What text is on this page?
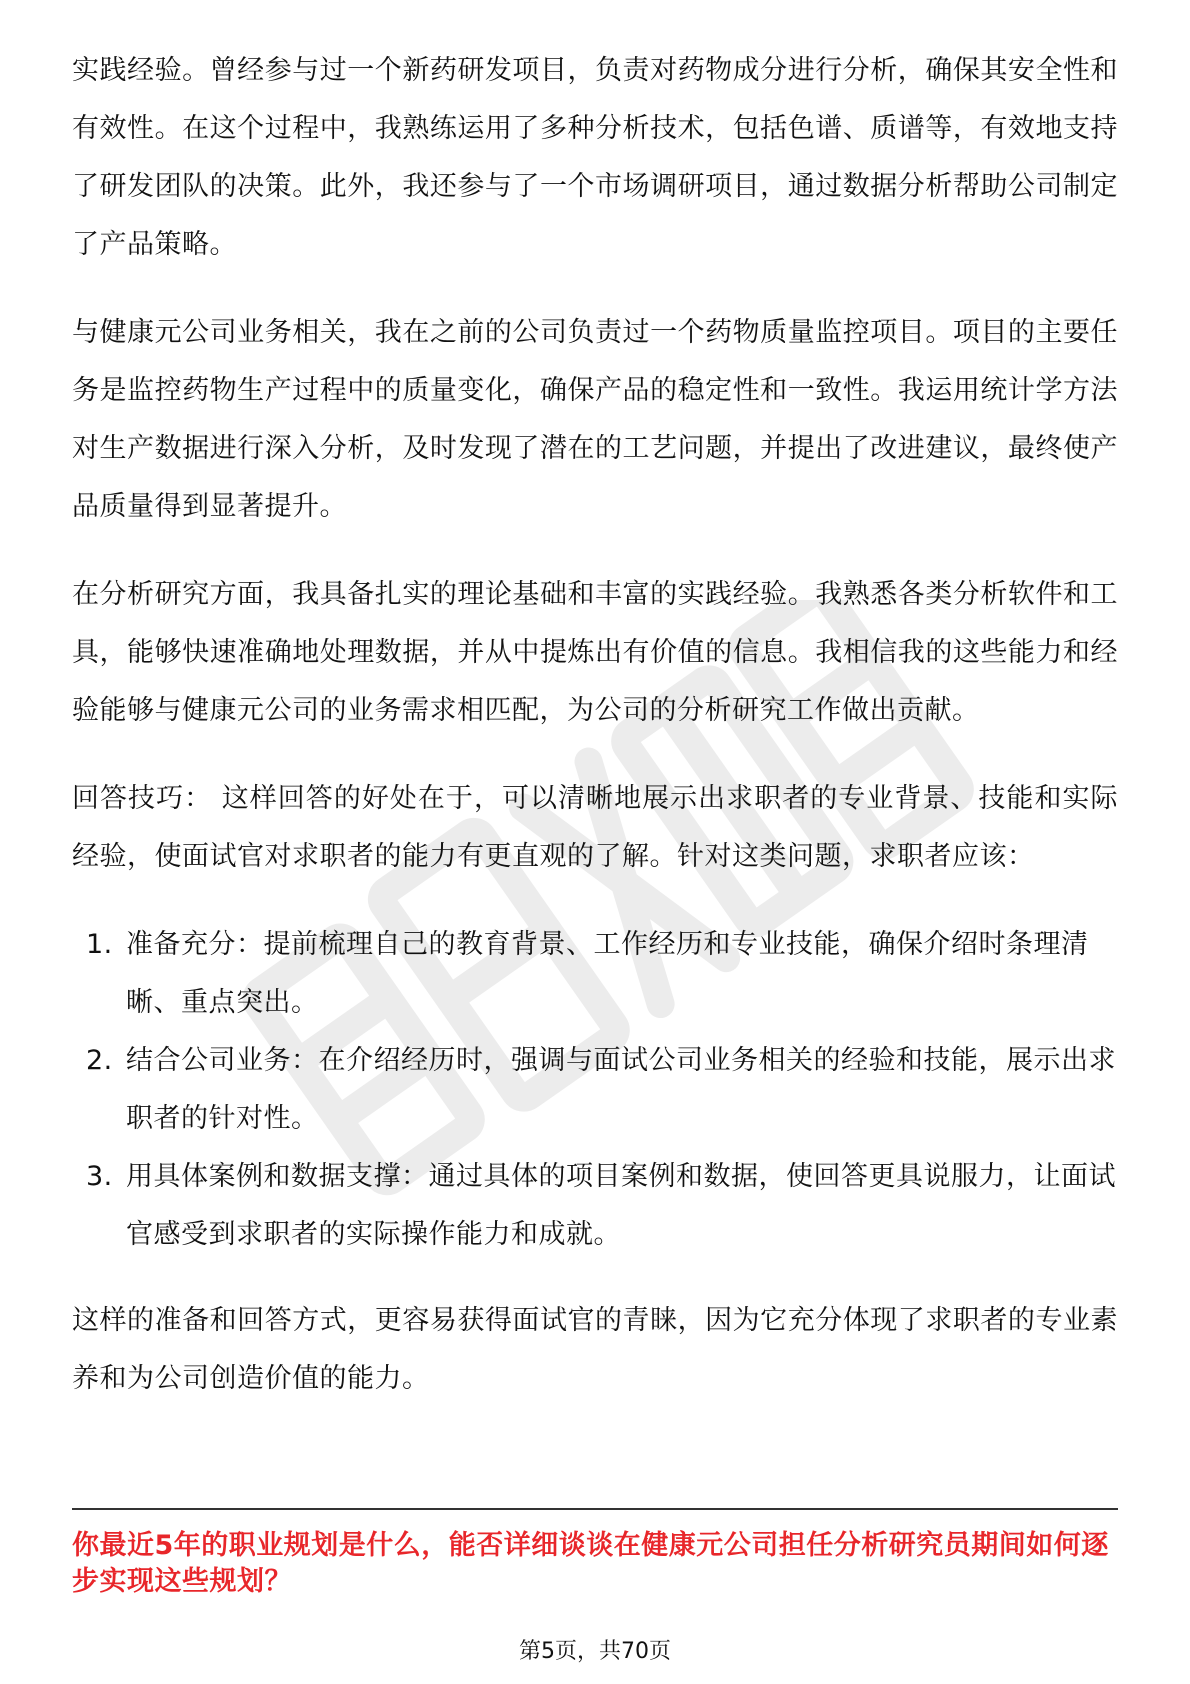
实践经验。曾经参与过一个新药研发项目，负责对药物成分进行分析，确保其安全性和有效性。在这个过程中，我熟练运用了多种分析技术，包括色谱、质谱等，有效地支持了研发团队的决策。此外，我还参与了一个市场调研项目，通过数据分析帮助公司制定了产品策略。

与健康元公司业务相关，我在之前的公司负责过一个药物质量监控项目。项目的主要任务是监控药物生产过程中的质量变化，确保产品的稳定性和一致性。我运用统计学方法对生产数据进行深入分析，及时发现了潜在的工艺问题，并提出了改进建议，最终使产品质量得到显著提升。

在分析研究方面，我具备扎实的理论基础和丰富的实践经验。我熟悉各类分析软件和工具，能够快速准确地处理数据，并从中提炼出有价值的信息。我相信我的这些能力和经验能够与健康元公司的业务需求相匹配，为公司的分析研究工作做出贡献。

回答技巧： 这样回答的好处在于，可以清晰地展示出求职者的专业背景、技能和实际经验，使面试官对求职者的能力有更直观的了解。针对这类问题，求职者应该：

1. 准备充分：提前梳理自己的教育背景、工作经历和专业技能，确保介绍时条理清晰、重点突出。
2. 结合公司业务：在介绍经历时，强调与面试公司业务相关的经验和技能，展示出求职者的针对性。
3. 用具体案例和数据支撑：通过具体的项目案例和数据，使回答更具说服力，让面试官感受到求职者的实际操作能力和成就。

这样的准备和回答方式，更容易获得面试官的青睐，因为它充分体现了求职者的专业素养和为公司创造价值的能力。

你最近5年的职业规划是什么，能否详细谈谈在健康元公司担任分析研究员期间如何逐步实现这些规划？
第5页，共70页
